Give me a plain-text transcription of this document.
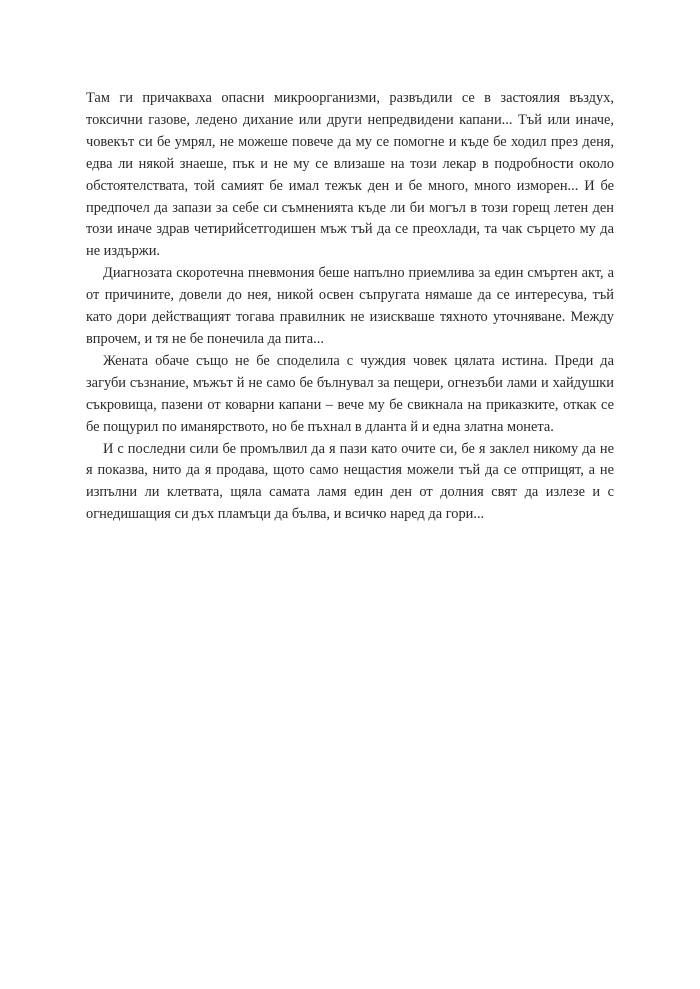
Там ги причакваха опасни микроорганизми, развъдили се в застоялия въздух, токсични газове, ледено дихание или други непредвидени капани... Тъй или иначе, човекът си бе умрял, не можеше повече да му се помогне и къде бе ходил през деня, едва ли някой знаеше, пък и не му се влизаше на този лекар в подробности около обстоятелствата, той самият бе имал тежък ден и бе много, много изморен... И бе предпочел да запази за себе си съмненията къде ли би могъл в този горещ летен ден този иначе здрав четирийсетгодишен мъж тъй да се преохлади, та чак сърцето му да не издържи.

Диагнозата скоротечна пневмония беше напълно приемлива за един смъртен акт, а от причините, довели до нея, никой освен съпругата нямаше да се интересува, тъй като дори действащият тогава правилник не изискваше тяхното уточняване. Между впрочем, и тя не бе понечила да пита...

Жената обаче също не бе споделила с чуждия човек цялата истина. Преди да загуби съзнание, мъжът й не само бе бълнувал за пещери, огнезъби лами и хайдушки съкровища, пазени от коварни капани – вече му бе свикнала на приказките, откак се бе пощурил по иманярството, но бе пъхнал в дланта й и една златна монета.

И с последни сили бе промълвил да я пази като очите си, бе я заклел никому да не я показва, нито да я продава, щото само нещастия можели тъй да се отприщят, а не изпълни ли клетвата, щяла самата ламя един ден от долния свят да излезе и с огнедишащия си дъх пламъци да бълва, и всичко наред да гори...
